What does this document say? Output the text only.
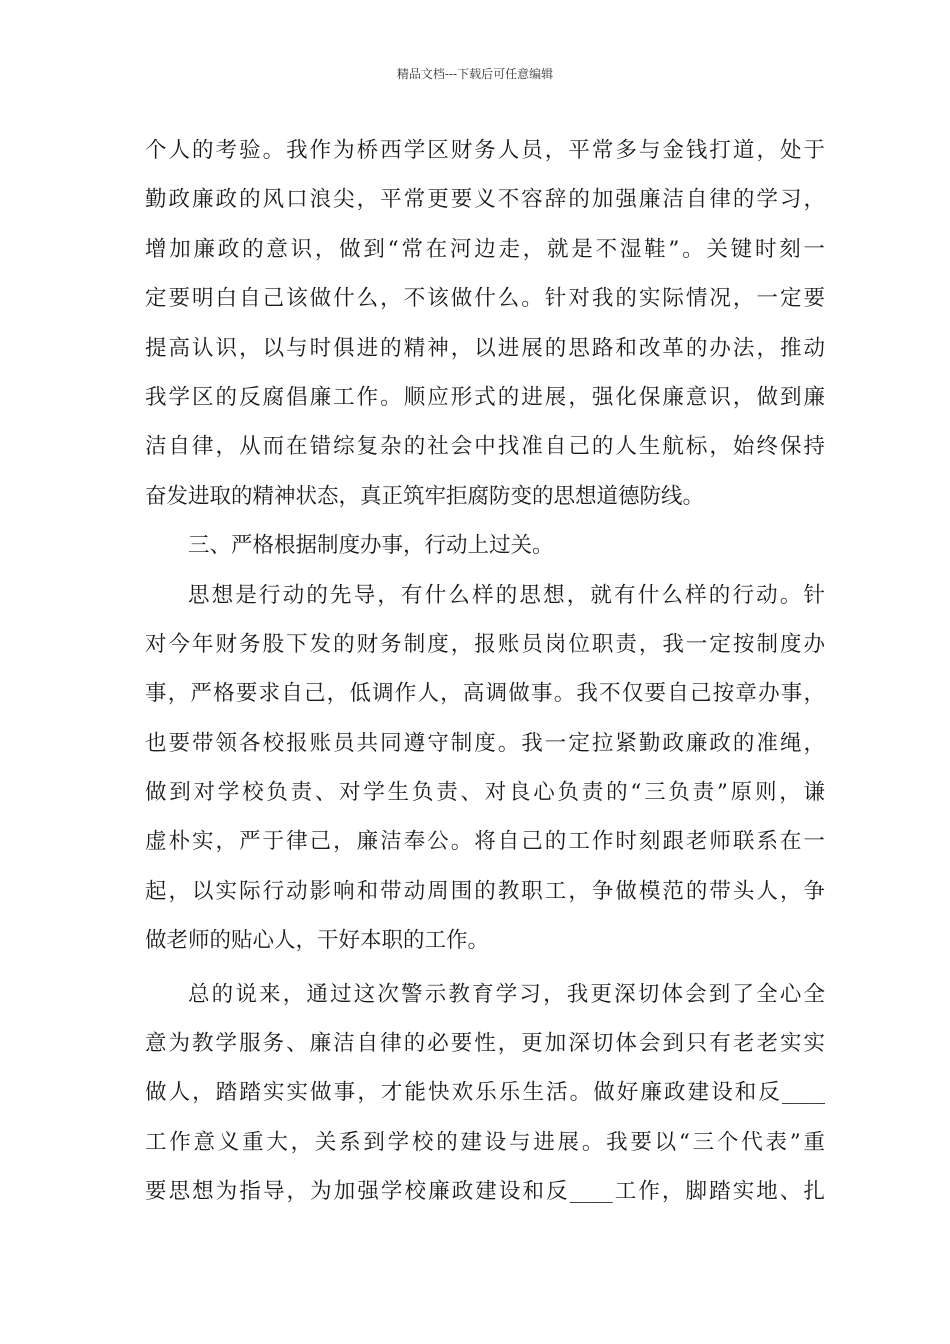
精品文档---下载后可任意编辑
个人的考验。我作为桥西学区财务人员，平常多与金钱打道，处于
勤政廉政的风口浪尖，平常更要义不容辞的加强廉洁自律的学习，
增加廉政的意识，做到“常在河边走，就是不湿鞋”。关键时刻一
定要明白自己该做什么，不该做什么。针对我的实际情况，一定要
提高认识，以与时俱进的精神，以进展的思路和改革的办法，推动
我学区的反腐倡廉工作。顺应形式的进展，强化保廉意识，做到廉
洁自律，从而在错综复杂的社会中找准自己的人生航标，始终保持
奋发进取的精神状态，真正筑牢拒腐防变的思想道德防线。
三、严格根据制度办事，行动上过关。
思想是行动的先导，有什么样的思想，就有什么样的行动。针
对今年财务股下发的财务制度，报账员岗位职责，我一定按制度办
事，严格要求自己，低调作人，高调做事。我不仅要自己按章办事，
也要带领各校报账员共同遵守制度。我一定拉紧勤政廉政的准绳，
做到对学校负责、对学生负责、对良心负责的“三负责”原则，谦
虚朴实，严于律己，廉洁奉公。将自己的工作时刻跟老师联系在一
起，以实际行动影响和带动周围的教职工，争做模范的带头人，争
做老师的贴心人，干好本职的工作。
总的说来，通过这次警示教育学习，我更深切体会到了全心全
意为教学服务、廉洁自律的必要性，更加深切体会到只有老老实实
做人，踏踏实实做事，才能快欢乐乐生活。做好廉政建设和反____
工作意义重大，关系到学校的建设与进展。我要以“三个代表”重
要思想为指导，为加强学校廉政建设和反____工作，脚踏实地、扎
